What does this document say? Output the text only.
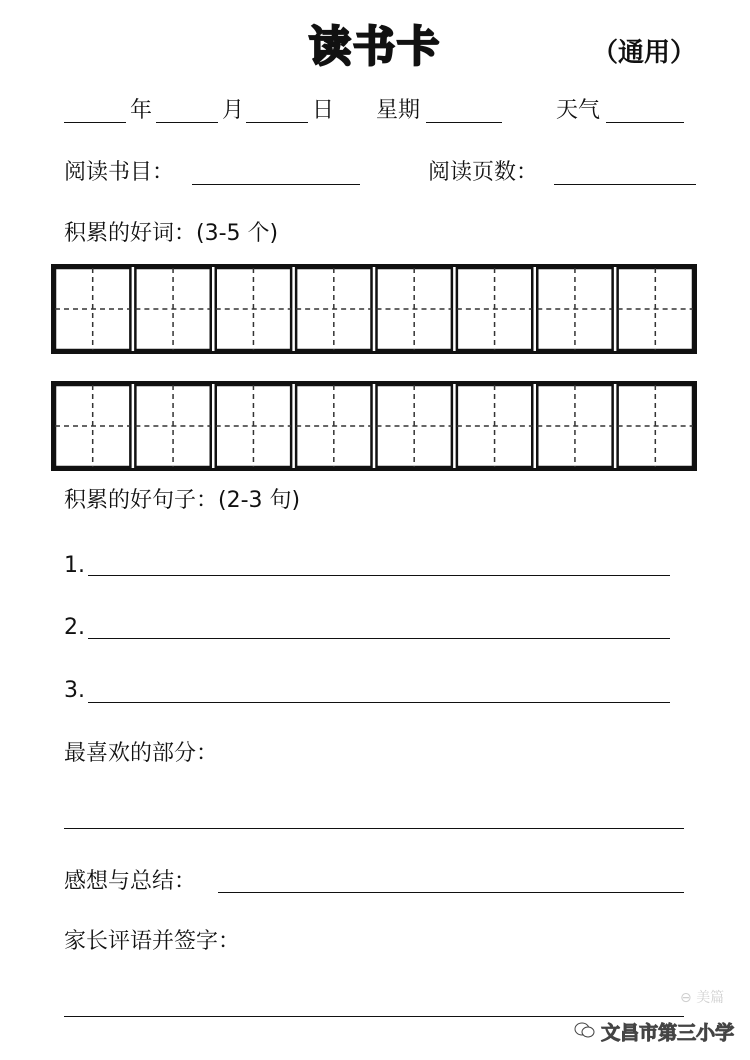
读书卡	（通用）
年	月	日 星期	天气
阅读书目：	阅读页数：
积累的好词：(3-5 个)
积累的好句子：(2-3 句)
1.
2.
3.
最喜欢的部分：
感想与总结：
家长评语并签字：
⊖ 美篇
文昌市第三小学
